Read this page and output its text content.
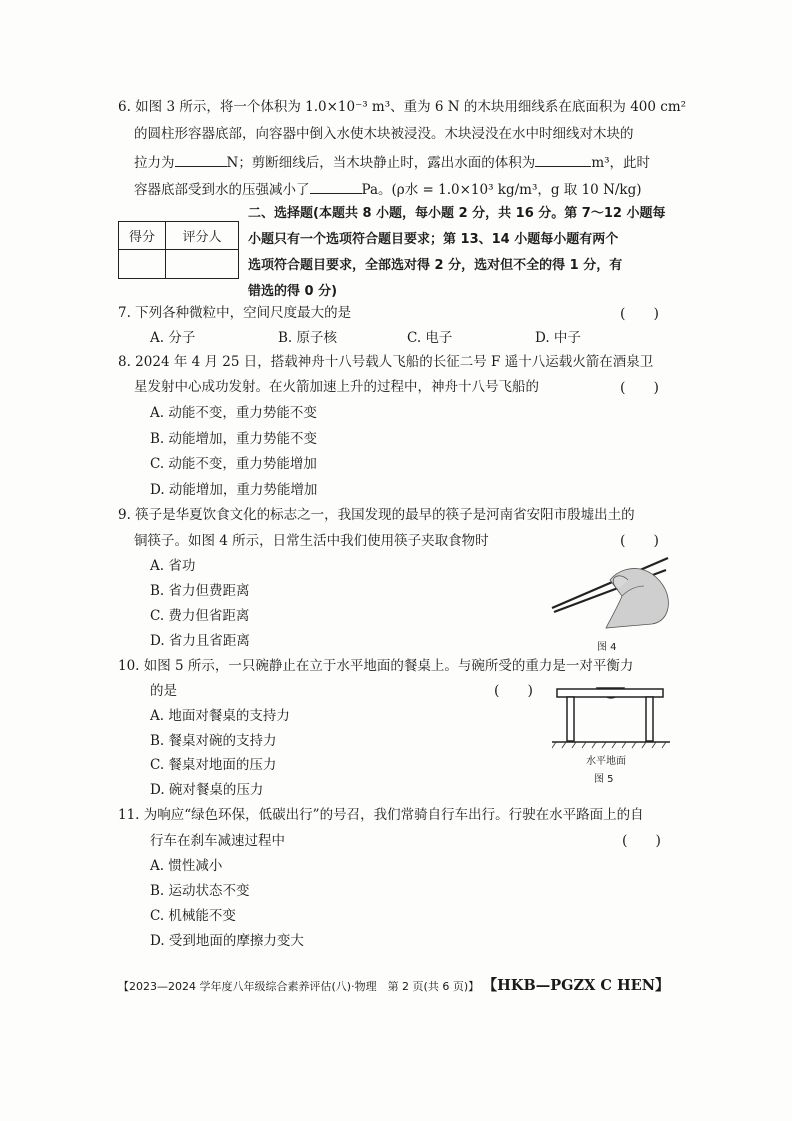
6. 如图 3 所示，将一个体积为 1.0×10⁻³ m³、重为 6 N 的木块用细线系在底面积为 400 cm²
的圆柱形容器底部，向容器中倒入水使木块被浸没。木块浸没在水中时细线对木块的
拉力为	N；剪断细线后，当木块静止时，露出水面的体积为	m³，此时
容器底部受到水的压强减小了	Pa。(ρ水 = 1.0×10³ kg/m³，g 取 10 N/kg)
得分	评分人

二、选择题(本题共 8 小题，每小题 2 分，共 16 分。第 7～12 小题每
小题只有一个选项符合题目要求；第 13、14 小题每小题有两个
选项符合题目要求，全部选对得 2 分，选对但不全的得 1 分，有
错选的得 0 分)
7. 下列各种微粒中，空间尺度最大的是	(　　)
A. 分子	B. 原子核	C. 电子	D. 中子
8. 2024 年 4 月 25 日，搭载神舟十八号载人飞船的长征二号 F 遥十八运载火箭在酒泉卫
星发射中心成功发射。在火箭加速上升的过程中，神舟十八号飞船的	(　　)
A. 动能不变，重力势能不变
B. 动能增加，重力势能不变
C. 动能不变，重力势能增加
D. 动能增加，重力势能增加
9. 筷子是华夏饮食文化的标志之一，我国发现的最早的筷子是河南省安阳市殷墟出土的
铜筷子。如图 4 所示，日常生活中我们使用筷子夹取食物时	(　　)
A. 省功
B. 省力但费距离
C. 费力但省距离
D. 省力且省距离	图 4
10. 如图 5 所示，一只碗静止在立于水平地面的餐桌上。与碗所受的重力是一对平衡力
的是	(　　)
A. 地面对餐桌的支持力
B. 餐桌对碗的支持力
C. 餐桌对地面的压力
D. 碗对餐桌的压力
水平地面
图 5
11. 为响应“绿色环保，低碳出行”的号召，我们常骑自行车出行。行驶在水平路面上的自
行车在刹车减速过程中	(　　)
A. 惯性减小
B. 运动状态不变
C. 机械能不变
D. 受到地面的摩擦力变大
【2023—2024 学年度八年级综合素养评估(八)·物理　第 2 页(共 6 页)】 【HKB—PGZX C HEN】
